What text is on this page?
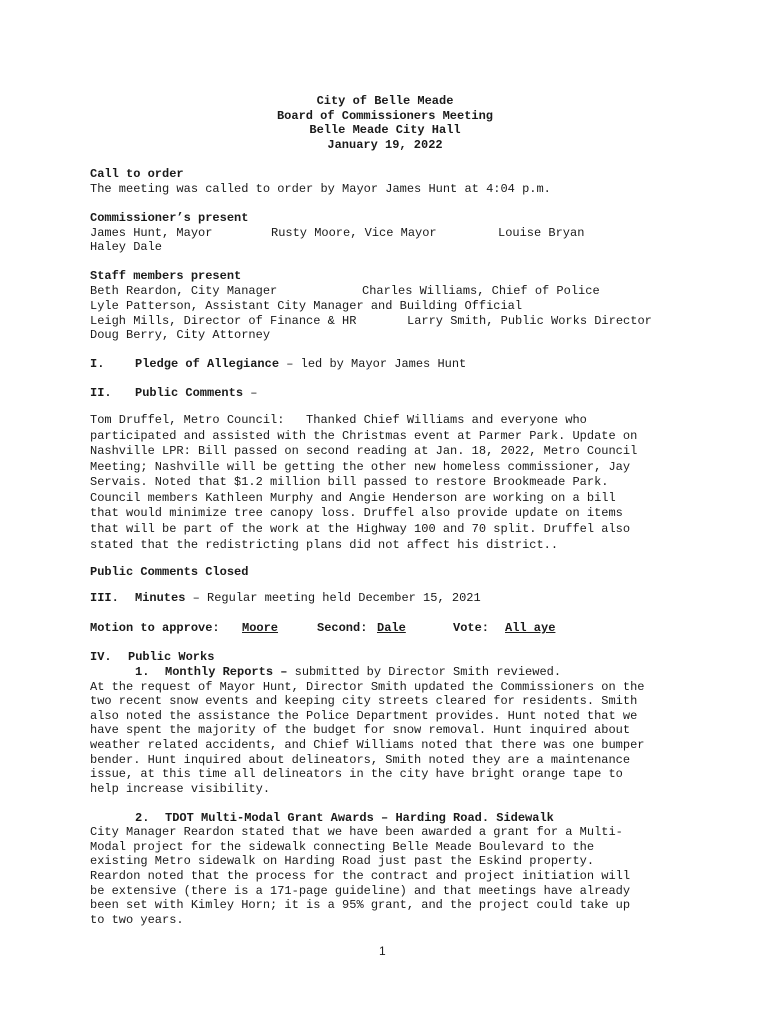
City of Belle Meade
Board of Commissioners Meeting
Belle Meade City Hall
January 19, 2022
Call to order
The meeting was called to order by Mayor James Hunt at 4:04 p.m.
Commissioner’s present
James Hunt, Mayor	Rusty Moore, Vice Mayor	Louise Bryan
Haley Dale
Staff members present
Beth Reardon, City Manager	Charles Williams, Chief of Police
Lyle Patterson, Assistant City Manager and Building Official
Leigh Mills, Director of Finance & HR	Larry Smith, Public Works Director
Doug Berry, City Attorney
I.	Pledge of Allegiance – led by Mayor James Hunt
II. Public Comments –
Tom Druffel, Metro Council:   Thanked Chief Williams and everyone who
participated and assisted with the Christmas event at Parmer Park. Update on
Nashville LPR: Bill passed on second reading at Jan. 18, 2022, Metro Council
Meeting; Nashville will be getting the other new homeless commissioner, Jay
Servais. Noted that $1.2 million bill passed to restore Brookmeade Park.
Council members Kathleen Murphy and Angie Henderson are working on a bill
that would minimize tree canopy loss. Druffel also provide update on items
that will be part of the work at the Highway 100 and 70 split. Druffel also
stated that the redistricting plans did not affect his district..
Public Comments Closed
III. Minutes – Regular meeting held December 15, 2021
Motion to approve: Moore	Second: Dale	Vote: All aye
IV. Public Works
1. Monthly Reports – submitted by Director Smith reviewed.
At the request of Mayor Hunt, Director Smith updated the Commissioners on the
two recent snow events and keeping city streets cleared for residents. Smith
also noted the assistance the Police Department provides. Hunt noted that we
have spent the majority of the budget for snow removal. Hunt inquired about
weather related accidents, and Chief Williams noted that there was one bumper
bender. Hunt inquired about delineators, Smith noted they are a maintenance
issue, at this time all delineators in the city have bright orange tape to
help increase visibility.
2. TDOT Multi-Modal Grant Awards – Harding Road. Sidewalk
City Manager Reardon stated that we have been awarded a grant for a Multi-
Modal project for the sidewalk connecting Belle Meade Boulevard to the
existing Metro sidewalk on Harding Road just past the Eskind property.
Reardon noted that the process for the contract and project initiation will
be extensive (there is a 171-page guideline) and that meetings have already
been set with Kimley Horn; it is a 95% grant, and the project could take up
to two years.
1
